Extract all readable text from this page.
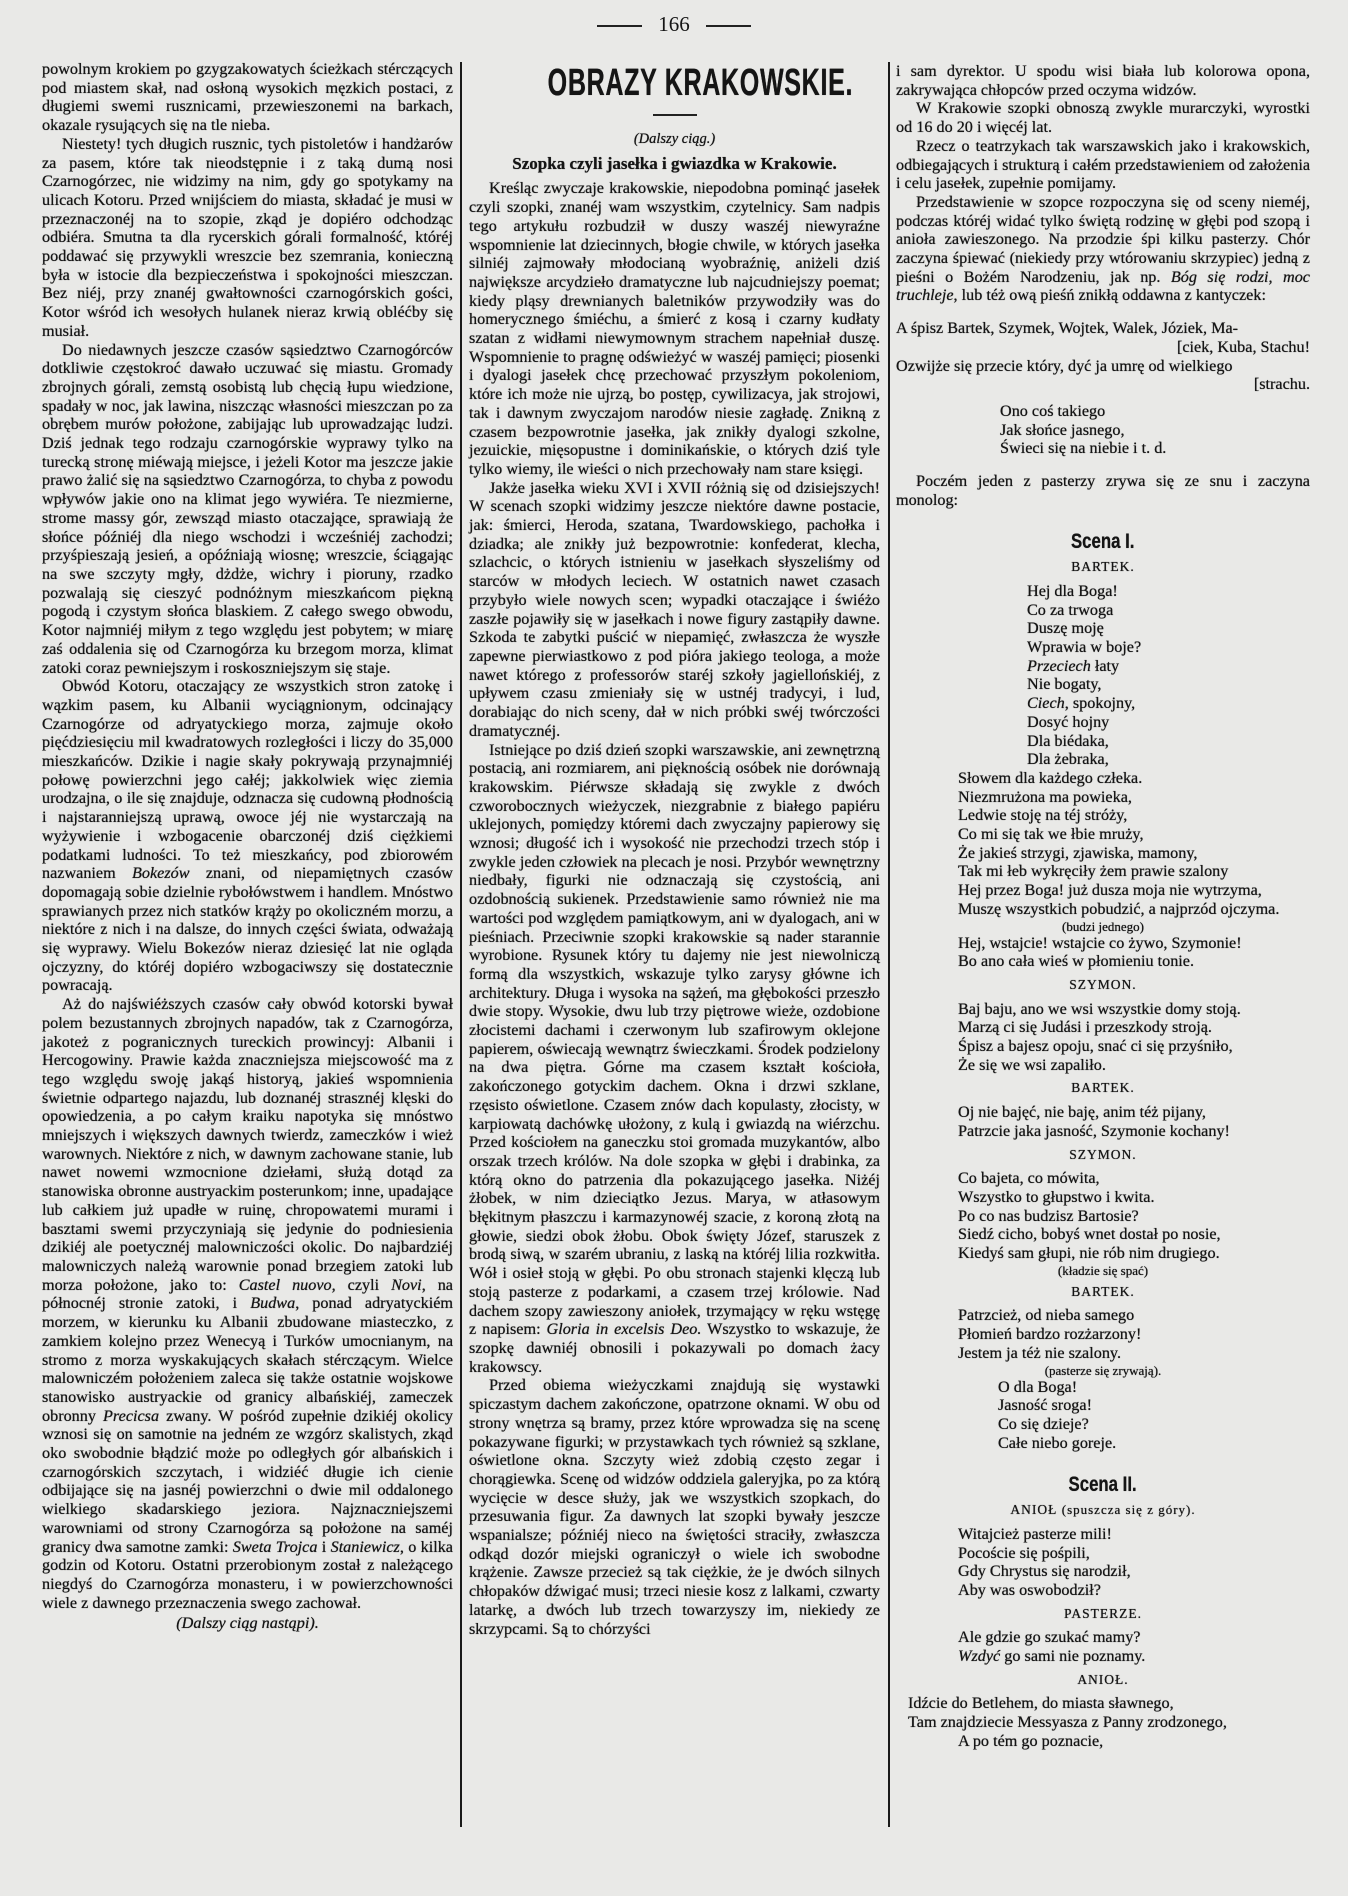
166

powolnym krokiem po gzygzakowatych ścieżkach stérczących pod miastem skał, nad osłoną wysokich męzkich postaci, z długiemi swemi rusznicami, przewieszonemi na barkach, okazale rysujących się na tle nieba.

Niestety! tych długich rusznic, tych pistoletów i handżarów za pasem, które tak nieodstępnie i z taką dumą nosi Czarnogórzec, nie widzimy na nim, gdy go spotykamy na ulicach Kotoru. Przed wnijściem do miasta, składać je musi w przeznaczonéj na to szopie, zkąd je dopiéro odchodząc odbiéra. Smutna ta dla rycerskich górali formalność, któréj poddawać się przywykli wreszcie bez szemrania, konieczną była w istocie dla bezpieczeństwa i spokojności mieszczan. Bez niéj, przy znanéj gwałtowności czarnogórskich gości, Kotor wśród ich wesołych hulanek nieraz krwią obléćby się musiał.

Do niedawnych jeszcze czasów sąsiedztwo Czarnogórców dotkliwie częstokroć dawało uczuwać się miastu. Gromady zbrojnych górali, zemstą osobistą lub chęcią łupu wiedzione, spadały w noc, jak lawina, niszcząc własności mieszczan po za obrębem murów położone, zabijając lub uprowadzając ludzi. Dziś jednak tego rodzaju czarnogórskie wyprawy tylko na turecką stronę miéwają miejsce, i jeżeli Kotor ma jeszcze jakie prawo żalić się na sąsiedztwo Czarnogórza, to chyba z powodu wpływów jakie ono na klimat jego wywiéra. Te niezmierne, strome massy gór, zewsząd miasto otaczające, sprawiają że słońce późniéj dla niego wschodzi i wcześniéj zachodzi; przyśpieszają jesień, a opóźniają wiosnę; wreszcie, ściągając na swe szczyty mgły, dżdże, wichry i pioruny, rzadko pozwalają się cieszyć podnóżnym mieszkańcom piękną pogodą i czystym słońca blaskiem. Z całego swego obwodu, Kotor najmniéj miłym z tego względu jest pobytem; w miarę zaś oddalenia się od Czarnogórza ku brzegom morza, klimat zatoki coraz pewniejszym i roskoszniejszym się staje.

Obwód Kotoru, otaczający ze wszystkich stron zatokę i wązkim pasem, ku Albanii wyciągnionym, odcinający Czarnogórze od adryatyckiego morza, zajmuje około pięćdziesięciu mil kwadratowych rozległości i liczy do 35,000 mieszkańców. Dzikie i nagie skały pokrywają przynajmniéj połowę powierzchni jego całéj; jakkolwiek więc ziemia urodzajna, o ile się znajduje, odznacza się cudowną płodnością i najstaranniejszą uprawą, owoce jéj nie wystarczają na wyżywienie i wzbogacenie obarczonéj dziś ciężkiemi podatkami ludności. To też mieszkańcy, pod zbiorowém nazwaniem Bokezów znani, od niepamiętnych czasów dopomagają sobie dzielnie rybołówstwem i handlem. Mnóstwo sprawianych przez nich statków krąży po okoliczném morzu, a niektóre z nich i na dalsze, do innych części świata, odważają się wyprawy. Wielu Bokezów nieraz dziesięć lat nie ogląda ojczyzny, do któréj dopiéro wzbogaciwszy się dostatecznie powracają.

Aż do najświéższych czasów cały obwód kotorski bywał polem bezustannych zbrojnych napadów, tak z Czarnogórza, jakoteż z pogranicznych tureckich prowincyj: Albanii i Hercogowiny. Prawie każda znaczniejsza miejscowość ma z tego względu swoję jakąś historyą, jakieś wspomnienia świetnie odpartego najazdu, lub doznanéj strasznéj klęski do opowiedzenia, a po całym kraiku napotyka się mnóstwo mniejszych i większych dawnych twierdz, zameczków i wież warownych. Niektóre z nich, w dawnym zachowane stanie, lub nawet nowemi wzmocnione dziełami, służą dotąd za stanowiska obronne austryackim posterunkom; inne, upadające lub całkiem już upadłe w ruinę, chropowatemi murami i basztami swemi przyczyniają się jedynie do podniesienia dzikiéj ale poetycznéj malowniczości okolic. Do najbardziéj malowniczych należą warownie ponad brzegiem zatoki lub morza położone, jako to: Castel nuovo, czyli Novi, na północnéj stronie zatoki, i Budwa, ponad adryatyckiém morzem, w kierunku ku Albanii zbudowane miasteczko, z zamkiem kolejno przez Wenecyą i Turków umocnianym, na stromo z morza wyskakujących skałach stérczącym. Wielce malowniczém położeniem zaleca się także ostatnie wojskowe stanowisko austryackie od granicy albańskiéj, zameczek obronny Precicsa zwany. W pośród zupełnie dzikiéj okolicy wznosi się on samotnie na jedném ze wzgórz skalistych, zkąd oko swobodnie błądzić może po odległych gór albańskich i czarnogórskich szczytach, i widziéć długie ich cienie odbijające się na jasnéj powierzchni o dwie mil oddalonego wielkiego skadarskiego jeziora. Najznaczniejszemi warowniami od strony Czarnogórza są położone na saméj granicy dwa samotne zamki: Sweta Trojca i Staniewicz, o kilka godzin od Kotoru. Ostatni przerobionym został z należącego niegdyś do Czarnogórza monasteru, i w powierzchowności wiele z dawnego przeznaczenia swego zachował.

(Dalszy ciąg nastąpi).
OBRAZY KRAKOWSKIE.
(Dalszy ciąg.)
Szopka czyli jasełka i gwiazdka w Krakowie.

Kreśląc zwyczaje krakowskie, niepodobna pominąć jasełek czyli szopki, znanéj wam wszystkim, czytelnicy. Sam nadpis tego artykułu rozbudził w duszy waszéj niewyraźne wspomnienie lat dziecinnych, błogie chwile, w których jasełka silniéj zajmowały młodocianą wyobraźnię, aniżeli dziś największe arcydzieło dramatyczne lub najcudniejszy poemat; kiedy pląsy drewnianych baletników przywodziły was do homerycznego śmiéchu, a śmierć z kosą i czarny kudłaty szatan z widłami niewymownym strachem napełniał duszę. Wspomnienie to pragnę odświeżyć w waszéj pamięci; piosenki i dyalogi jasełek chcę przechować przyszłym pokoleniom, które ich może nie ujrzą, bo postęp, cywilizacya, jak strojowi, tak i dawnym zwyczajom narodów niesie zagładę. Znikną z czasem bezpowrotnie jasełka, jak znikły dyalogi szkolne, jezuickie, mięsopustne i dominikańskie, o których dziś tyle tylko wiemy, ile wieści o nich przechowały nam stare księgi.

Jakże jasełka wieku XVI i XVII różnią się od dzisiejszych! W scenach szopki widzimy jeszcze niektóre dawne postacie, jak: śmierci, Heroda, szatana, Twardowskiego, pachołka i dziadka; ale znikły już bezpowrotnie: konfederat, klecha, szlachcic, o których istnieniu w jasełkach słyszeliśmy od starców w młodych leciech. W ostatnich nawet czasach przybyło wiele nowych scen; wypadki otaczające i świéżo zaszłe pojawiły się w jasełkach i nowe figury zastąpiły dawne. Szkoda te zabytki puścić w niepamięć, zwłaszcza że wyszłe zapewne pierwiastkowo z pod pióra jakiego teologa, a może nawet którego z professorów staréj szkoły jagiellońskiéj, z upływem czasu zmieniały się w ustnéj tradycyi, i lud, dorabiając do nich sceny, dał w nich próbki swéj twórczości dramatycznéj.

Istniejące po dziś dzień szopki warszawskie, ani zewnętrzną postacią, ani rozmiarem, ani pięknością osóbek nie dorównają krakowskim. Piérwsze składają się zwykle z dwóch czworobocznych wieżyczek, niezgrabnie z białego papiéru uklejonych, pomiędzy któremi dach zwyczajny papierowy się wznosi; długość ich i wysokość nie przechodzi trzech stóp i zwykle jeden człowiek na plecach je nosi. Przybór wewnętrzny niedbały, figurki nie odznaczają się czystością, ani ozdobnością sukienek. Przedstawienie samo również nie ma wartości pod względem pamiątkowym, ani w dyalogach, ani w pieśniach. Przeciwnie szopki krakowskie są nader starannie wyrobione. Rysunek który tu dajemy nie jest niewolniczą formą dla wszystkich, wskazuje tylko zarysy główne ich architektury. Długa i wysoka na sążeń, ma głębokości przeszło dwie stopy. Wysokie, dwu lub trzy piętrowe wieże, ozdobione złocistemi dachami i czerwonym lub szafirowym oklejone papierem, oświecają wewnątrz świeczkami. Środek podzielony na dwa piętra. Górne ma czasem kształt kościoła, zakończonego gotyckim dachem. Okna i drzwi szklane, rzęsisto oświetlone. Czasem znów dach kopulasty, złocisty, w karpiowatą dachówkę ułożony, z kulą i gwiazdą na wiérzchu. Przed kościołem na ganeczku stoi gromada muzykantów, albo orszak trzech królów. Na dole szopka w głębi i drabinka, za którą okno do patrzenia dla pokazującego jasełka. Niżéj żłobek, w nim dzieciątko Jezus. Marya, w atłasowym błękitnym płaszczu i karmazynowéj szacie, z koroną złotą na głowie, siedzi obok żłobu. Obok święty Józef, staruszek z brodą siwą, w szarém ubraniu, z laską na któréj lilia rozkwitła. Wół i osieł stoją w głębi. Po obu stronach stajenki klęczą lub stoją pasterze z podarkami, a czasem trzej królowie. Nad dachem szopy zawieszony aniołek, trzymający w ręku wstęgę z napisem: Gloria in excelsis Deo. Wszystko to wskazuje, że szopkę dawniéj obnosili i pokazywali po domach żacy krakowscy.

Przed obiema wieżyczkami znajdują się wystawki spiczastym dachem zakończone, opatrzone oknami. W obu od strony wnętrza są bramy, przez które wprowadza się na scenę pokazywane figurki; w przystawkach tych również są szklane, oświetlone okna. Szczyty wież zdobią często zegar i chorągiewka. Scenę od widzów oddziela galeryjka, po za którą wycięcie w desce służy, jak we wszystkich szopkach, do przesuwania figur. Za dawnych lat szopki bywały jeszcze wspanialsze; późniéj nieco na świętości straciły, zwłaszcza odkąd dozór miejski ograniczył o wiele ich swobodne krążenie. Zawsze przecież są tak ciężkie, że je dwóch silnych chłopaków dźwigać musi; trzeci niesie kosz z lalkami, czwarty latarkę, a dwóch lub trzech towarzyszy im, niekiedy ze skrzypcami. Są to chórzyści

i sam dyrektor. U spodu wisi biała lub kolorowa opona, zakrywająca chłopców przed oczyma widzów.

W Krakowie szopki obnoszą zwykle murarczyki, wyrostki od 16 do 20 i więcéj lat.

Rzecz o teatrzykach tak warszawskich jako i krakowskich, odbiegających i strukturą i całém przedstawieniem od założenia i celu jasełek, zupełnie pomijamy.

Przedstawienie w szopce rozpoczyna się od sceny nieméj, podczas któréj widać tylko świętą rodzinę w głębi pod szopą i anioła zawieszonego. Na przodzie śpi kilku pasterzy. Chór zaczyna śpiewać (niekiedy przy wtórowaniu skrzypiec) jedną z pieśni o Bożém Narodzeniu, jak np. Bóg się rodzi, moc truchleje, lub téż ową pieśń znikłą oddawna z kantyczek:

A śpisz Bartek, Szymek, Wojtek, Walek, Józiek, Ma-
[ciek, Kuba, Stachu!
Ozwijże się przecie który, dyć ja umrę od wielkiego
[strachu.
Ono coś takiego
Jak słońce jasnego,
Świeci się na niebie i t. d.

Poczém jeden z pasterzy zrywa się ze snu i zaczyna monolog:

Scena I.
BARTEK.
Hej dla Boga!
Co za trwoga
Duszę moję
Wprawia w boje?
Przeciech łaty
Nie bogaty,
Ciech, spokojny,
Dosyć hojny
Dla biédaka,
Dla żebraka,
Słowem dla każdego człeka.
Niezmrużona ma powieka,
Ledwie stoję na téj stróży,
Co mi się tak we łbie mruży,
Że jakieś strzygi, zjawiska, mamony,
Tak mi łeb wykręciły żem prawie szalony
Hej przez Boga! już dusza moja nie wytrzyma,
Muszę wszystkich pobudzić, a najprzód ojczyma.
(budzi jednego)
Hej, wstajcie! wstajcie co żywo, Szymonie!
Bo ano cała wieś w płomieniu tonie.
SZYMON.
Baj baju, ano we wsi wszystkie domy stoją.
Marzą ci się Judási i przeszkody stroją.
Śpisz a bajesz opoju, snać ci się przyśniło,
Że się we wsi zapaliło.
BARTEK.
Oj nie bajęć, nie baję, anim téż pijany,
Patrzcie jaka jasność, Szymonie kochany!
SZYMON.
Co bajeta, co mówita,
Wszystko to głupstwo i kwita.
Po co nas budzisz Bartosie?
Siedź cicho, bobyś wnet dostał po nosie,
Kiedyś sam głupi, nie rób nim drugiego.
(kładzie się spać)
BARTEK.
Patrzcież, od nieba samego
Płomień bardzo rozżarzony!
Jestem ja téż nie szalony.
(pasterze się zrywają).
O dla Boga!
Jasność sroga!
Co się dzieje?
Całe niebo goreje.
Scena II.
ANIOŁ (spuszcza się z góry).
Witajcież pasterze mili!
Pocoście się pośpili,
Gdy Chrystus się narodził,
Aby was oswobodził?
PASTERZE.
Ale gdzie go szukać mamy?
Wzdyć go sami nie poznamy.
ANIOŁ.
Idźcie do Betlehem, do miasta sławnego,
Tam znajdziecie Messyasza z Panny zrodzonego,
A po tém go poznacie,
